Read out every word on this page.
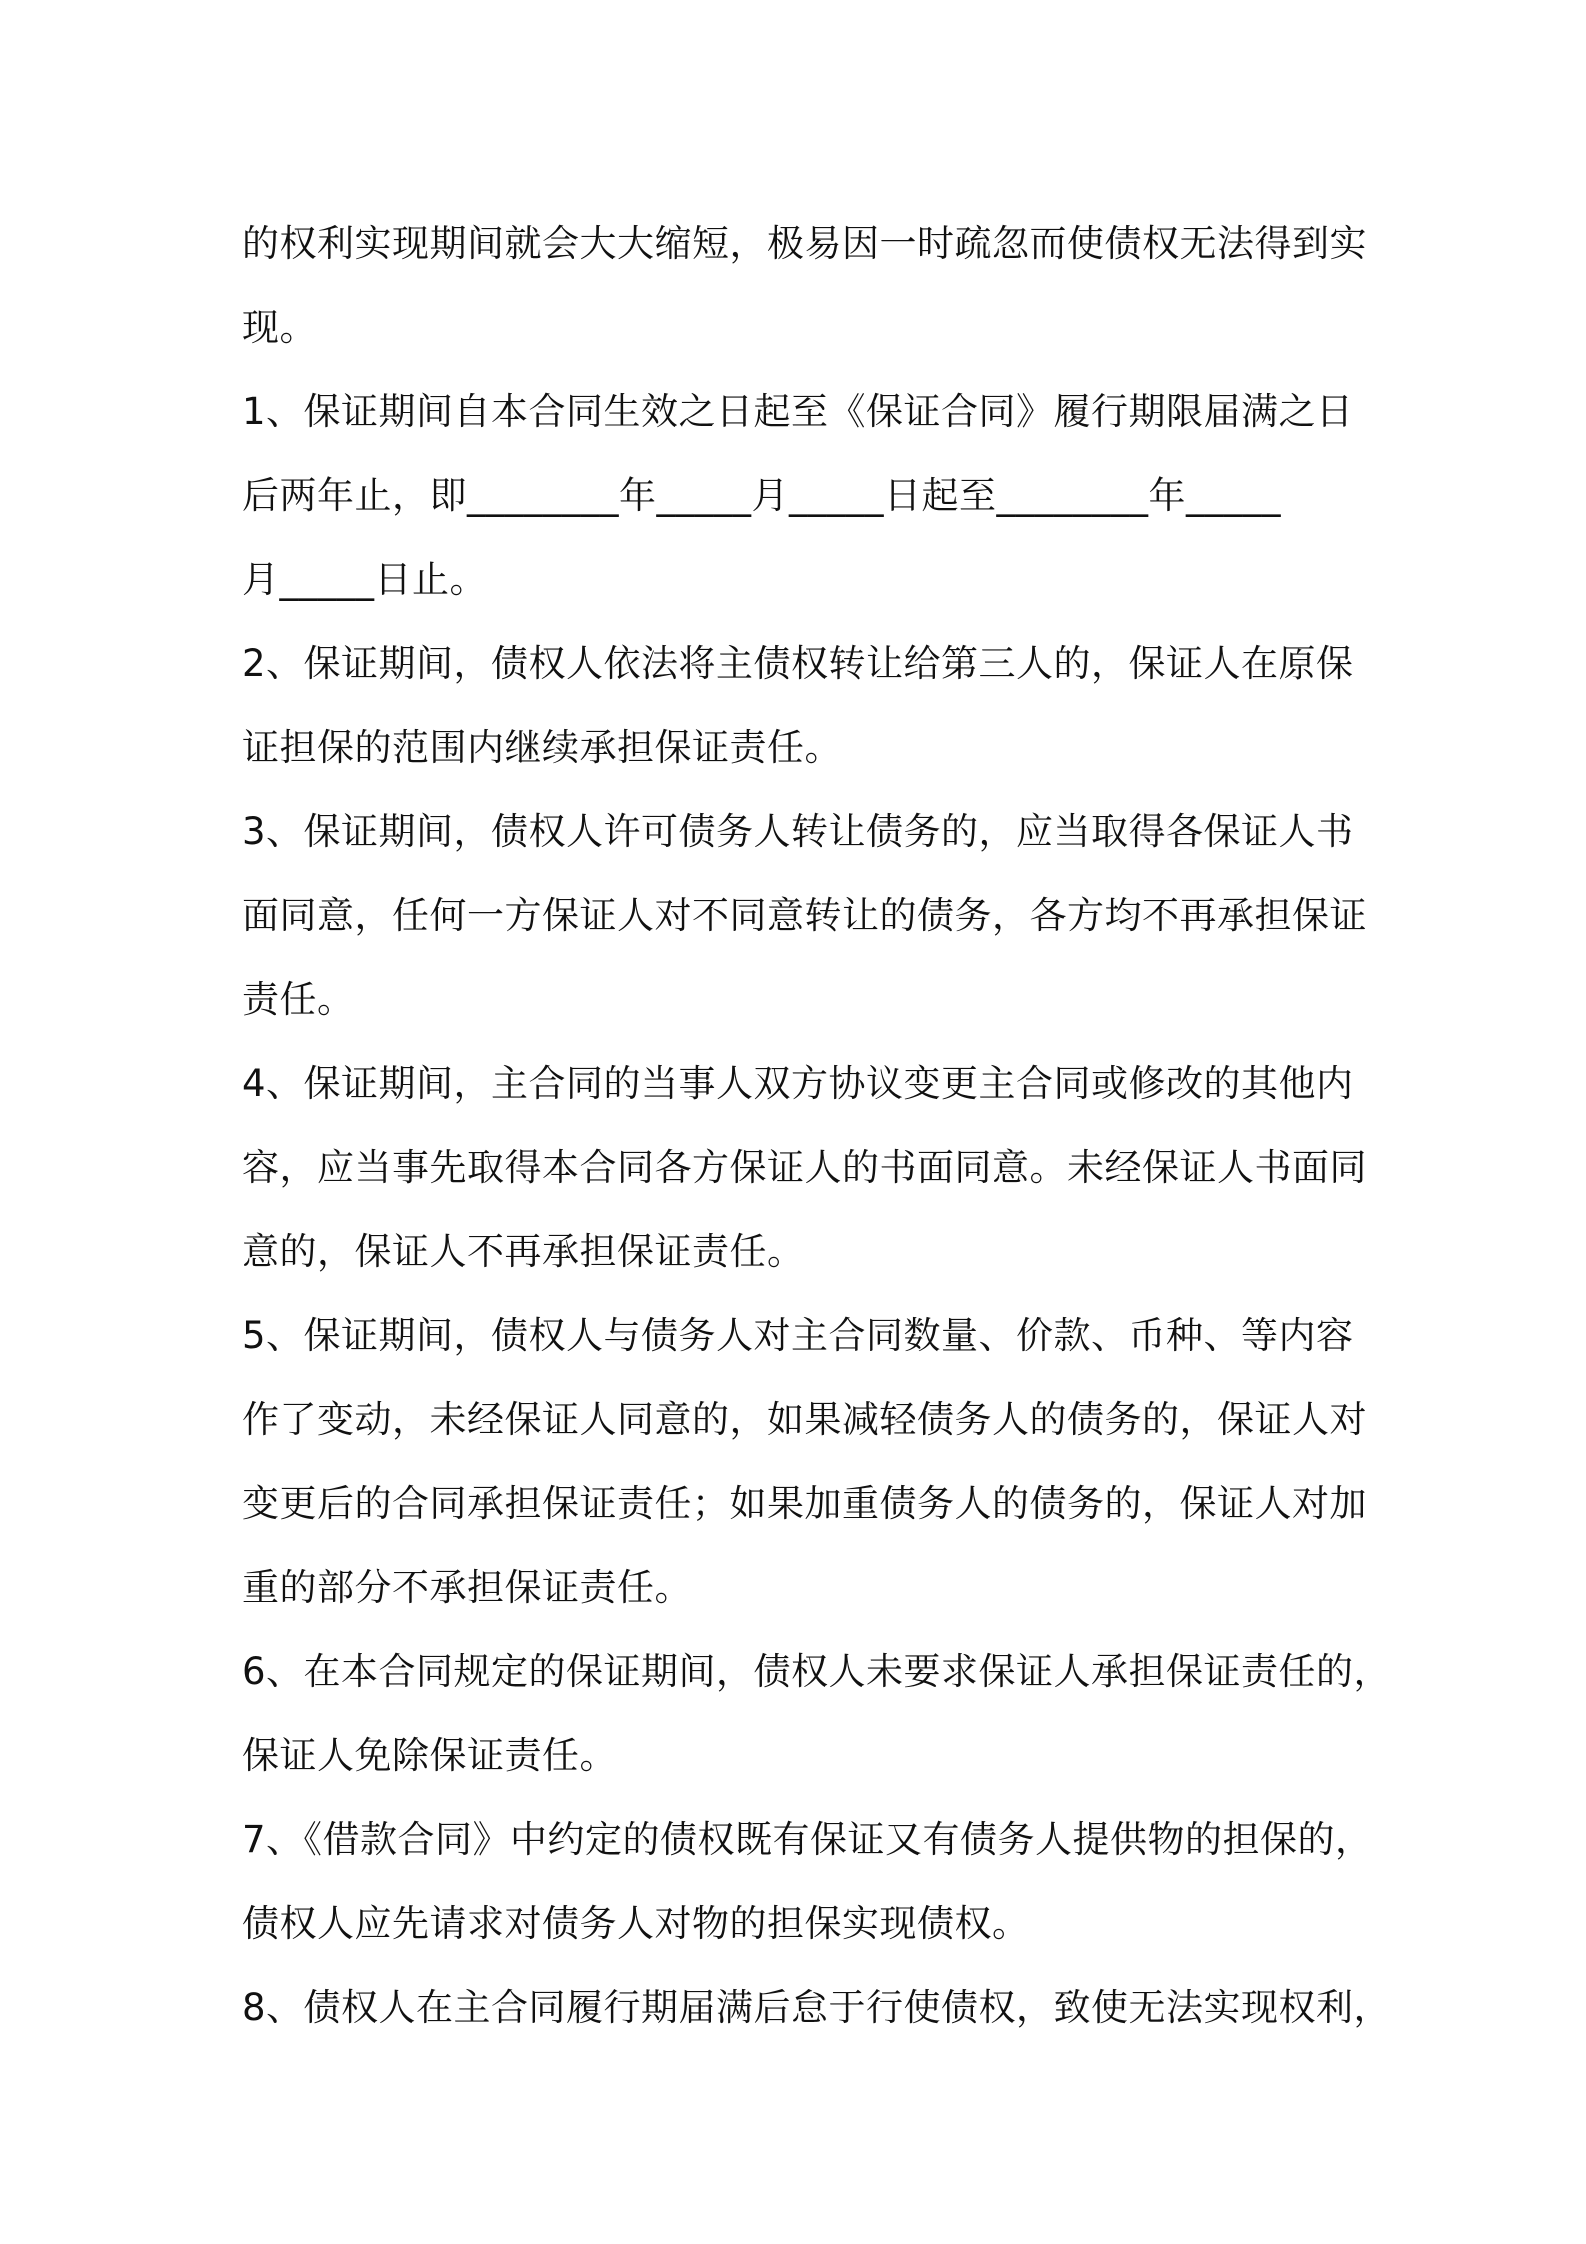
的权利实现期间就会大大缩短，极易因一时疏忽而使债权无法得到实
现。
1、保证期间自本合同生效之日起至《保证合同》履行期限届满之日
后两年止，即________年_____月_____日起至________年_____
月_____日止。
2、保证期间，债权人依法将主债权转让给第三人的，保证人在原保
证担保的范围内继续承担保证责任。
3、保证期间，债权人许可债务人转让债务的，应当取得各保证人书
面同意，任何一方保证人对不同意转让的债务，各方均不再承担保证
责任。
4、保证期间，主合同的当事人双方协议变更主合同或修改的其他内
容，应当事先取得本合同各方保证人的书面同意。未经保证人书面同
意的，保证人不再承担保证责任。
5、保证期间，债权人与债务人对主合同数量、价款、币种、等内容
作了变动，未经保证人同意的，如果减轻债务人的债务的，保证人对
变更后的合同承担保证责任；如果加重债务人的债务的，保证人对加
重的部分不承担保证责任。
6、在本合同规定的保证期间，债权人未要求保证人承担保证责任的，
保证人免除保证责任。
7、《借款合同》中约定的债权既有保证又有债务人提供物的担保的，
债权人应先请求对债务人对物的担保实现债权。
8、债权人在主合同履行期届满后怠于行使债权，致使无法实现权利，
